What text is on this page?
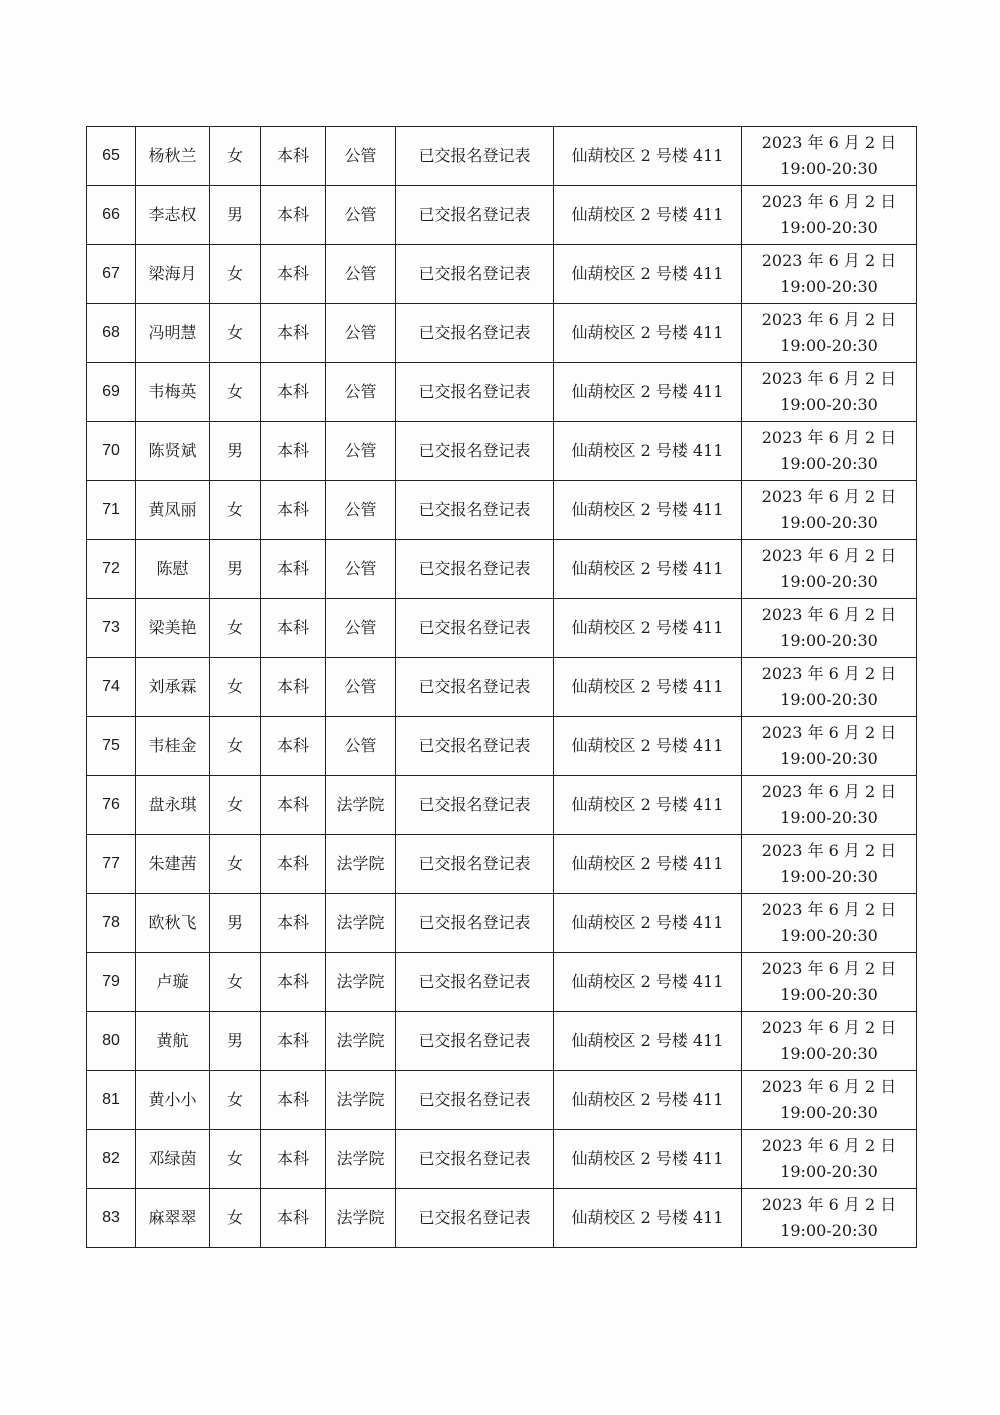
65	杨秋兰	女	本科	公管	已交报名登记表	仙葫校区 2 号楼 411	2023 年 6 月 2 日
19:00-20:30

66	李志权	男	本科	公管	已交报名登记表	仙葫校区 2 号楼 411	2023 年 6 月 2 日
19:00-20:30

67	梁海月	女	本科	公管	已交报名登记表	仙葫校区 2 号楼 411	2023 年 6 月 2 日
19:00-20:30

68	冯明慧	女	本科	公管	已交报名登记表	仙葫校区 2 号楼 411	2023 年 6 月 2 日
19:00-20:30

69	韦梅英	女	本科	公管	已交报名登记表	仙葫校区 2 号楼 411	2023 年 6 月 2 日
19:00-20:30

70	陈贤斌	男	本科	公管	已交报名登记表	仙葫校区 2 号楼 411	2023 年 6 月 2 日
19:00-20:30

71	黄凤丽	女	本科	公管	已交报名登记表	仙葫校区 2 号楼 411	2023 年 6 月 2 日
19:00-20:30

72	陈慰	男	本科	公管	已交报名登记表	仙葫校区 2 号楼 411	2023 年 6 月 2 日
19:00-20:30

73	梁美艳	女	本科	公管	已交报名登记表	仙葫校区 2 号楼 411	2023 年 6 月 2 日
19:00-20:30

74	刘承霖	女	本科	公管	已交报名登记表	仙葫校区 2 号楼 411	2023 年 6 月 2 日
19:00-20:30

75	韦桂金	女	本科	公管	已交报名登记表	仙葫校区 2 号楼 411	2023 年 6 月 2 日
19:00-20:30

76	盘永琪	女	本科	法学院	已交报名登记表	仙葫校区 2 号楼 411	2023 年 6 月 2 日
19:00-20:30

77	朱建茜	女	本科	法学院	已交报名登记表	仙葫校区 2 号楼 411	2023 年 6 月 2 日
19:00-20:30

78	欧秋飞	男	本科	法学院	已交报名登记表	仙葫校区 2 号楼 411	2023 年 6 月 2 日
19:00-20:30

79	卢璇	女	本科	法学院	已交报名登记表	仙葫校区 2 号楼 411	2023 年 6 月 2 日
19:00-20:30

80	黄航	男	本科	法学院	已交报名登记表	仙葫校区 2 号楼 411	2023 年 6 月 2 日
19:00-20:30

81	黄小小	女	本科	法学院	已交报名登记表	仙葫校区 2 号楼 411	2023 年 6 月 2 日
19:00-20:30

82	邓绿茵	女	本科	法学院	已交报名登记表	仙葫校区 2 号楼 411	2023 年 6 月 2 日
19:00-20:30

83	麻翠翠	女	本科	法学院	已交报名登记表	仙葫校区 2 号楼 411	2023 年 6 月 2 日
19:00-20:30
